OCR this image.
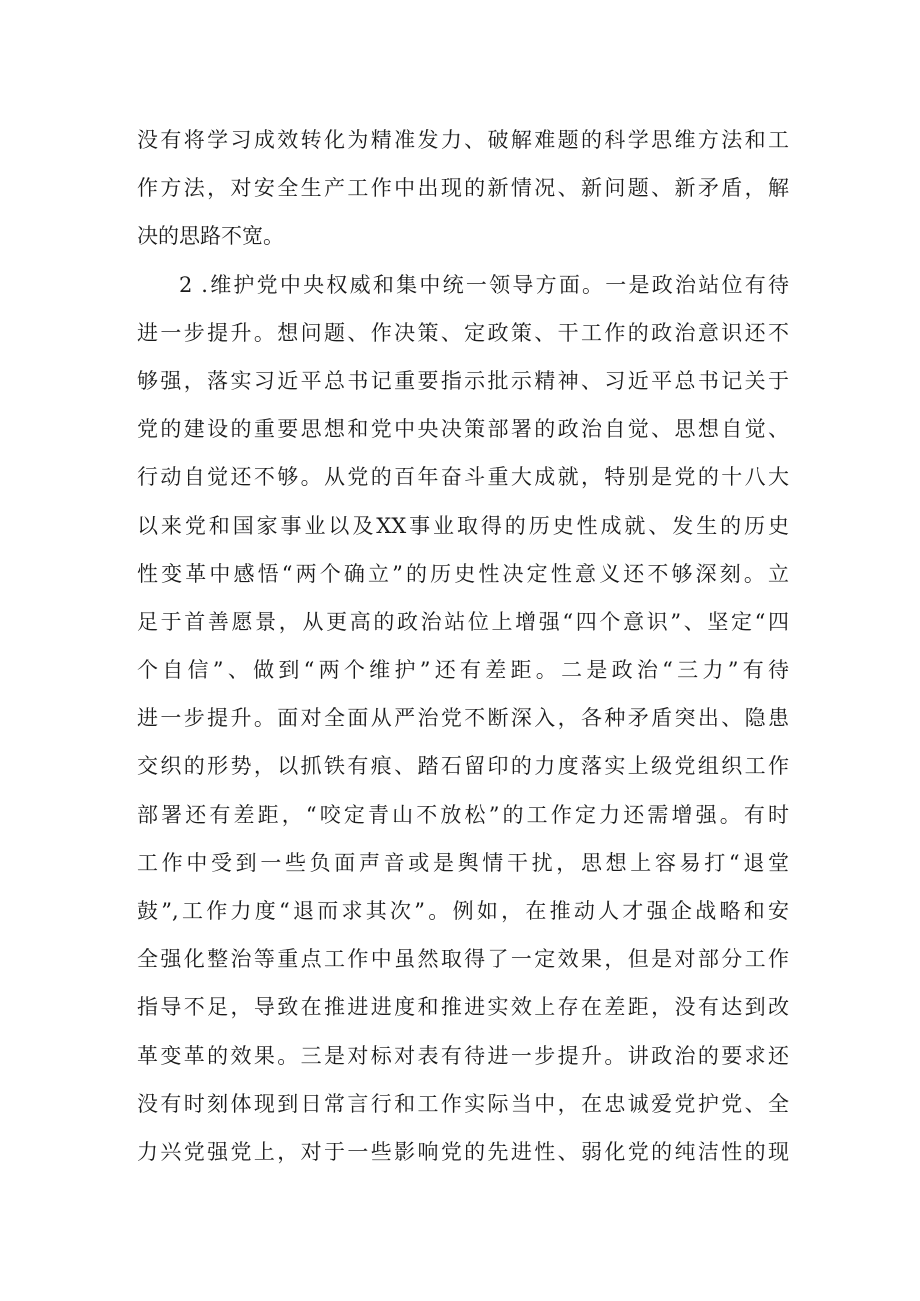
没有将学习成效转化为精准发力、破解难题的科学思维方法和工
作方法，对安全生产工作中出现的新情况、新问题、新矛盾，解
决的思路不宽。
2 .维护党中央权威和集中统一领导方面。一是政治站位有待
进一步提升。想问题、作决策、定政策、干工作的政治意识还不
够强，落实习近平总书记重要指示批示精神、习近平总书记关于
党的建设的重要思想和党中央决策部署的政治自觉、思想自觉、
行动自觉还不够。从党的百年奋斗重大成就，特别是党的十八大
以来党和国家事业以及XX事业取得的历史性成就、发生的历史
性变革中感悟“两个确立”的历史性决定性意义还不够深刻。立
足于首善愿景，从更高的政治站位上增强“四个意识”、坚定“四
个自信”、做到“两个维护”还有差距。二是政治“三力”有待
进一步提升。面对全面从严治党不断深入，各种矛盾突出、隐患
交织的形势，以抓铁有痕、踏石留印的力度落实上级党组织工作
部署还有差距，“咬定青山不放松”的工作定力还需增强。有时
工作中受到一些负面声音或是舆情干扰，思想上容易打“退堂
鼓”,工作力度“退而求其次”。例如，在推动人才强企战略和安
全强化整治等重点工作中虽然取得了一定效果，但是对部分工作
指导不足，导致在推进进度和推进实效上存在差距，没有达到改
革变革的效果。三是对标对表有待进一步提升。讲政治的要求还
没有时刻体现到日常言行和工作实际当中，在忠诚爱党护党、全
力兴党强党上，对于一些影响党的先进性、弱化党的纯洁性的现
